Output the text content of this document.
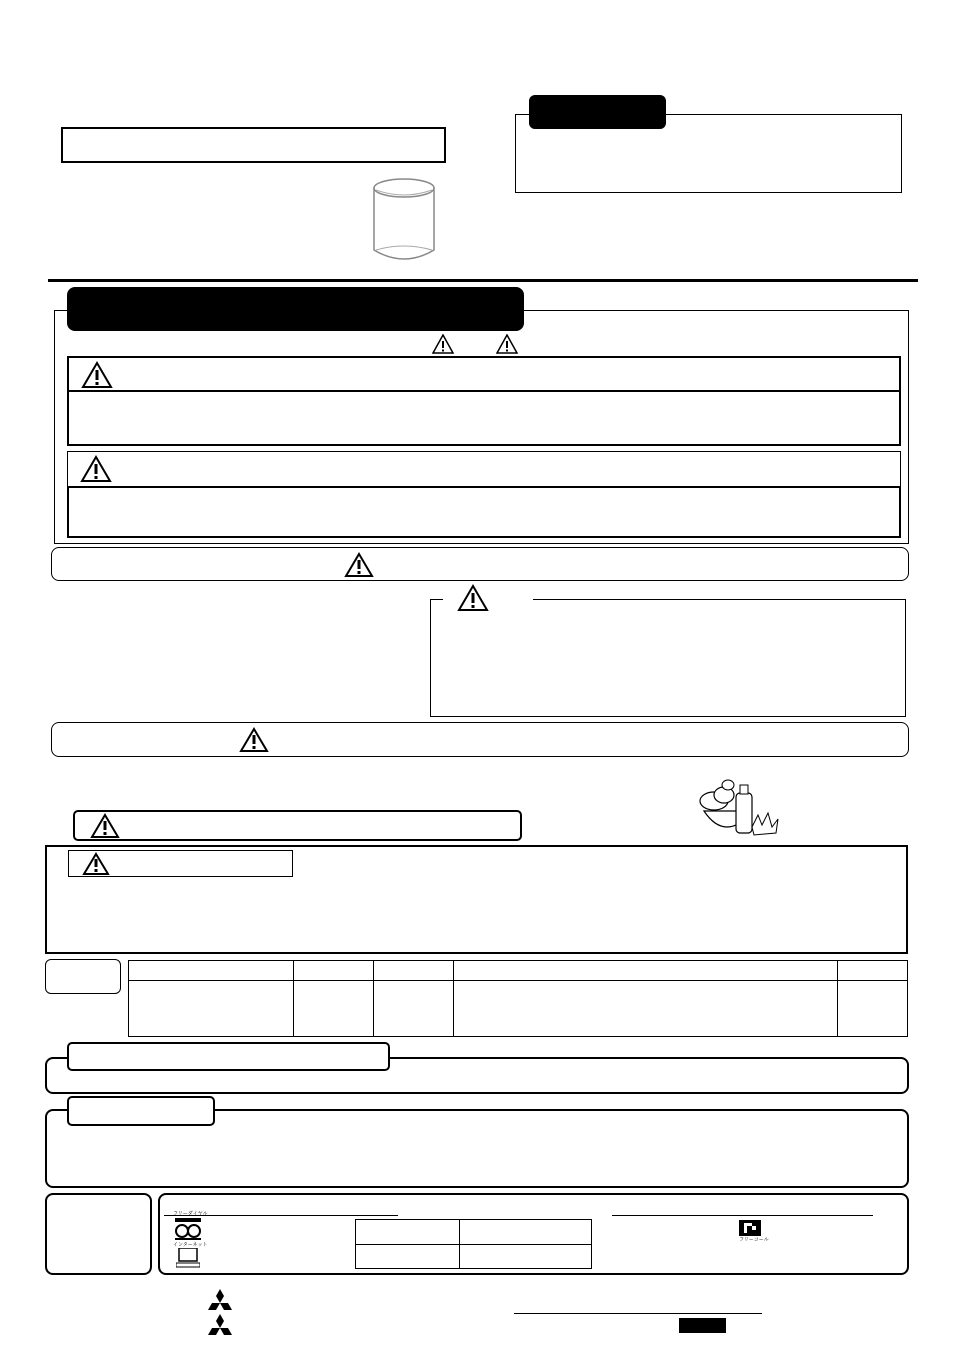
フリーダイヤル
インターネット

フリーコール
